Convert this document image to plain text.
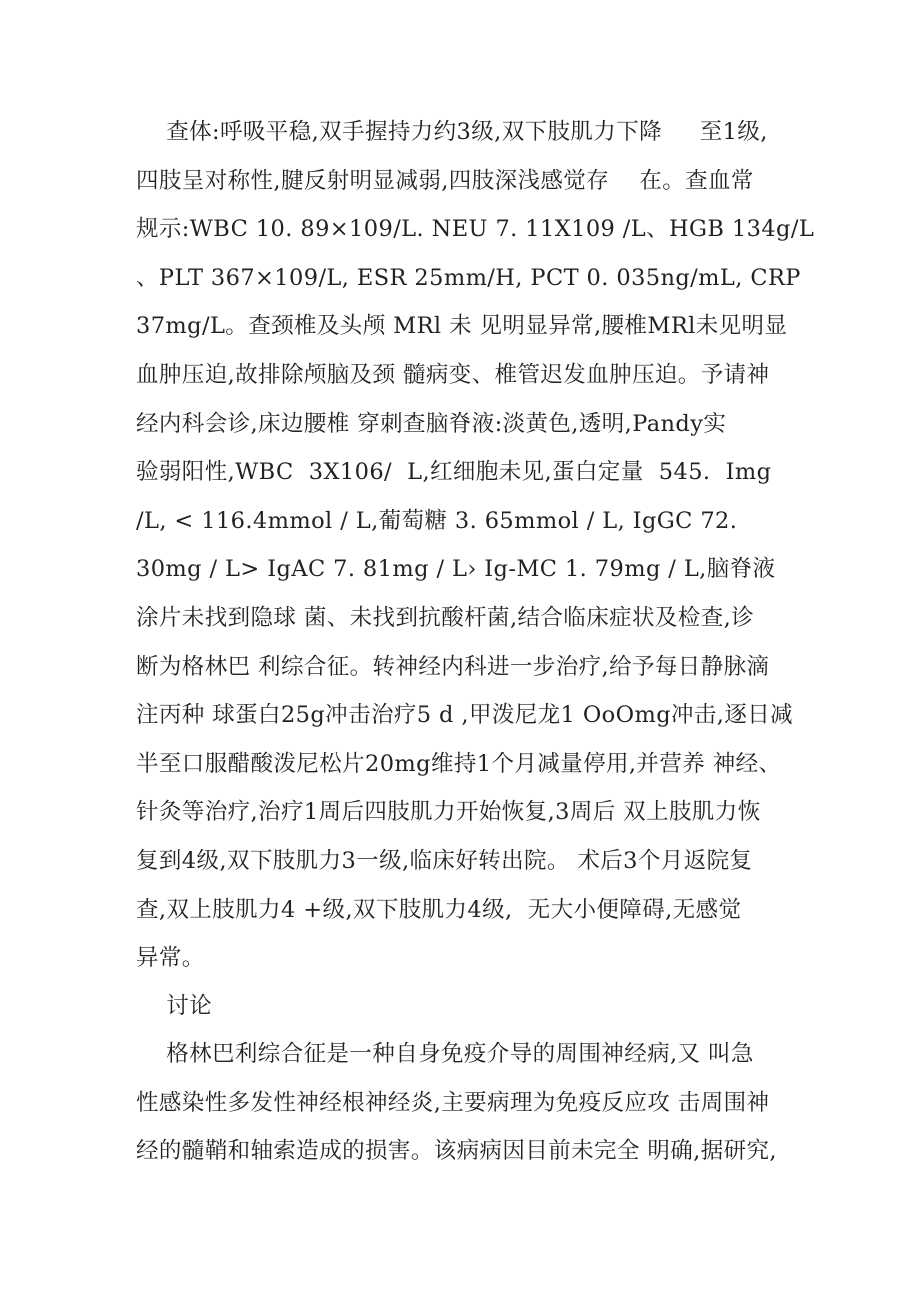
查体:呼吸平稳,双手握持力约3级,双下肢肌力下降     至1级,
四肢呈对称性,腱反射明显减弱,四肢深浅感觉存    在。查血常
规示:WBC 10. 89×109/L. NEU 7. 11X109 /L、HGB 134g/L
、PLT 367×109/L, ESR 25mm/H, PCT 0. 035ng/mL, CRP
37mg/L。查颈椎及头颅 MRl 未 见明显异常,腰椎MRl未见明显
血肿压迫,故排除颅脑及颈 髓病变、椎管迟发血肿压迫。予请神
经内科会诊,床边腰椎 穿刺查脑脊液:淡黄色,透明,Pandy实
验弱阳性,WBC  3X106/  L,红细胞未见,蛋白定量  545.  Img
/L, < 116.4mmol / L,葡萄糖 3. 65mmol / L, IgGC 72.
30mg / L> IgAC 7. 81mg / L› Ig-MC 1. 79mg / L,脑脊液
涂片未找到隐球 菌、未找到抗酸杆菌,结合临床症状及检查,诊
断为格林巴 利综合征。转神经内科进一步治疗,给予每日静脉滴
注丙种 球蛋白25g冲击治疗5 d ,甲泼尼龙1 OoOmg冲击,逐日减
半至口服醋酸泼尼松片20mg维持1个月减量停用,并营养 神经、
针灸等治疗,治疗1周后四肢肌力开始恢复,3周后 双上肢肌力恢
复到4级,双下肢肌力3一级,临床好转出院。 术后3个月返院复
查,双上肢肌力4 +级,双下肢肌力4级,  无大小便障碍,无感觉
异常。
讨论
格林巴利综合征是一种自身免疫介导的周围神经病,又 叫急
性感染性多发性神经根神经炎,主要病理为免疫反应攻 击周围神
经的髓鞘和轴索造成的损害。该病病因目前未完全 明确,据研究,
